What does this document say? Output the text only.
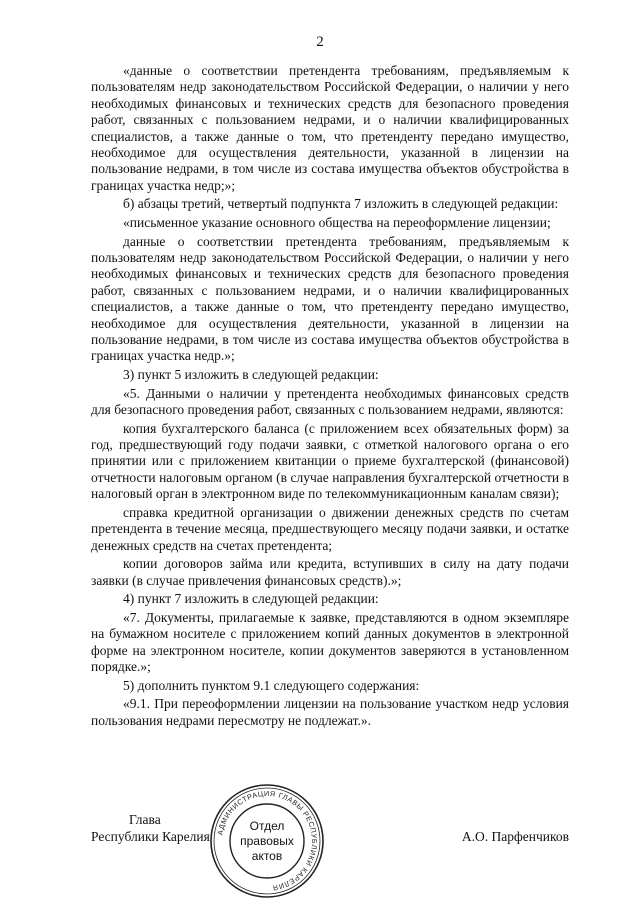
2

«данные о соответствии претендента требованиям, предъявляемым к пользователям недр законодательством Российской Федерации, о наличии у него необходимых финансовых и технических средств для безопасного проведения работ, связанных с пользованием недрами, и о наличии квалифицированных специалистов, а также данные о том, что претенденту передано имущество, необходимое для осуществления деятельности, указанной в лицензии на пользование недрами, в том числе из состава имущества объектов обустройства в границах участка недр;»;

б) абзацы третий, четвертый подпункта 7 изложить в следующей редакции:

«письменное указание основного общества на переоформление лицензии;

данные о соответствии претендента требованиям, предъявляемым к пользователям недр законодательством Российской Федерации, о наличии у него необходимых финансовых и технических средств для безопасного проведения работ, связанных с пользованием недрами, и о наличии квалифицированных специалистов, а также данные о том, что претенденту передано имущество, необходимое для осуществления деятельности, указанной в лицензии на пользование недрами, в том числе из состава имущества объектов обустройства в границах участка недр.»;

3) пункт 5 изложить в следующей редакции:

«5. Данными о наличии у претендента необходимых финансовых средств для безопасного проведения работ, связанных с пользованием недрами, являются:

копия бухгалтерского баланса (с приложением всех обязательных форм) за год, предшествующий году подачи заявки, с отметкой налогового органа о его принятии или с приложением квитанции о приеме бухгалтерской (финансовой) отчетности налоговым органом (в случае направления бухгалтерской отчетности в налоговый орган в электронном виде по телекоммуникационным каналам связи);

справка кредитной организации о движении денежных средств по счетам претендента в течение месяца, предшествующего месяцу подачи заявки, и остатке денежных средств на счетах претендента;

копии договоров займа или кредита, вступивших в силу на дату подачи заявки (в случае привлечения финансовых средств).»;

4) пункт 7 изложить в следующей редакции:

«7. Документы, прилагаемые к заявке, представляются в одном экземпляре на бумажном носителе с приложением копий данных документов в электронной форме на электронном носителе, копии документов заверяются в установленном порядке.»;

5) дополнить пунктом 9.1 следующего содержания:

«9.1. При переоформлении лицензии на пользование участком недр условия пользования недрами пересмотру не подлежат.».

Глава
Республики Карелия	А.О. Парфенчиков
АДМИНИСТРАЦИЯ ГЛАВЫ РЕСПУБЛИКИ КАРЕЛИЯ
Отдел
правовых
актов
